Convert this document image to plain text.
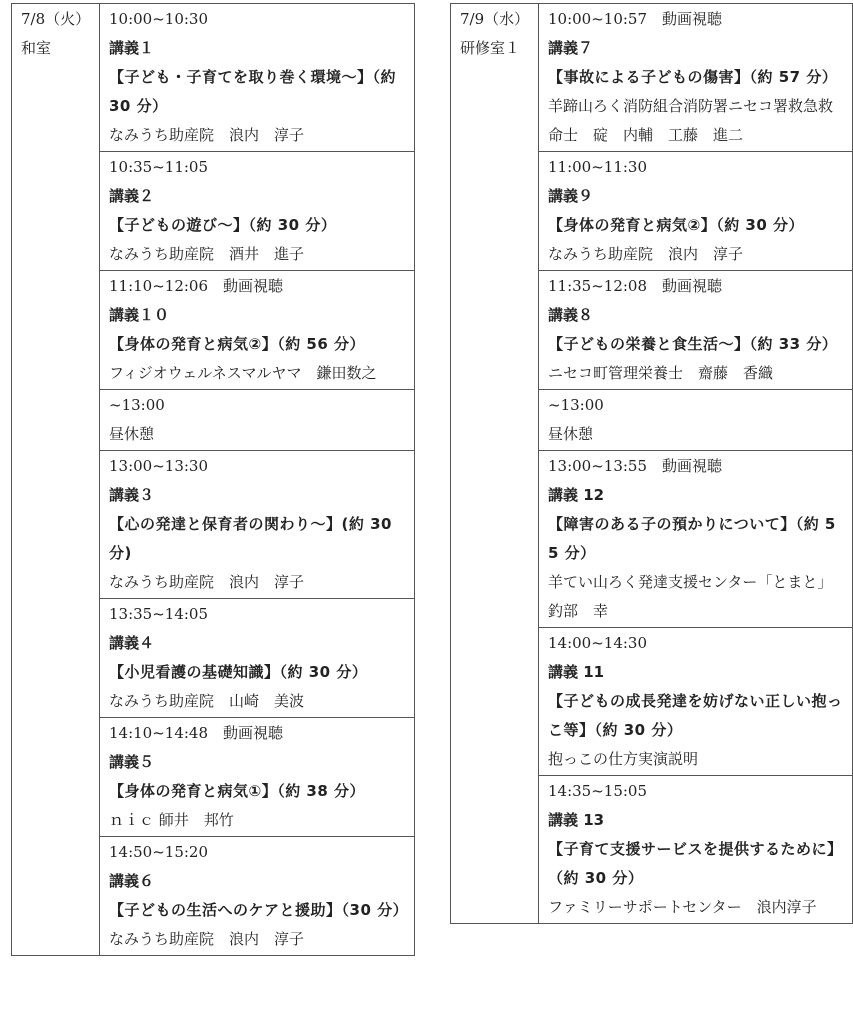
7/8（火）
和室

10:00~10:30
講義１
【子ども・子育てを取り巻く環境～】（約 30 分）
なみうち助産院　浪内　淳子

10:35~11:05
講義２
【子どもの遊び～】（約 30 分）
なみうち助産院　酒井　進子

11:10~12:06　動画視聴
講義１０
【身体の発育と病気②】（約 56 分）
フィジオウェルネスマルヤマ　鎌田数之

~13:00
昼休憩

13:00~13:30
講義３
【心の発達と保育者の関わり～】(約 30 分)
なみうち助産院　浪内　淳子

13:35~14:05
講義４
【小児看護の基礎知識】（約 30 分）
なみうち助産院　山崎　美波

14:10~14:48　動画視聴
講義５
【身体の発育と病気①】（約 38 分）
ｎｉｃ 師井　邦竹

14:50~15:20
講義６
【子どもの生活へのケアと援助】（30 分）
なみうち助産院　浪内　淳子
7/9（水）
研修室１

10:00~10:57　動画視聴
講義７
【事故による子どもの傷害】（約 57 分）
羊蹄山ろく消防組合消防署ニセコ署救急救命士　碇　内輔　工藤　進二

11:00~11:30
講義９
【身体の発育と病気②】（約 30 分）
なみうち助産院　浪内　淳子

11:35~12:08　動画視聴
講義８
【子どもの栄養と食生活～】（約 33 分）
ニセコ町管理栄養士　齋藤　香織

~13:00
昼休憩

13:00~13:55　動画視聴
講義 12
【障害のある子の預かりについて】（約 55 分）
羊てい山ろく発達支援センター「とまと」釣部　幸

14:00~14:30
講義 11
【子どもの成長発達を妨げない正しい抱っこ等】（約 30 分）
抱っこの仕方実演説明

14:35~15:05
講義 13
【子育て支援サービスを提供するために】（約 30 分）
ファミリーサポートセンター　浪内淳子
